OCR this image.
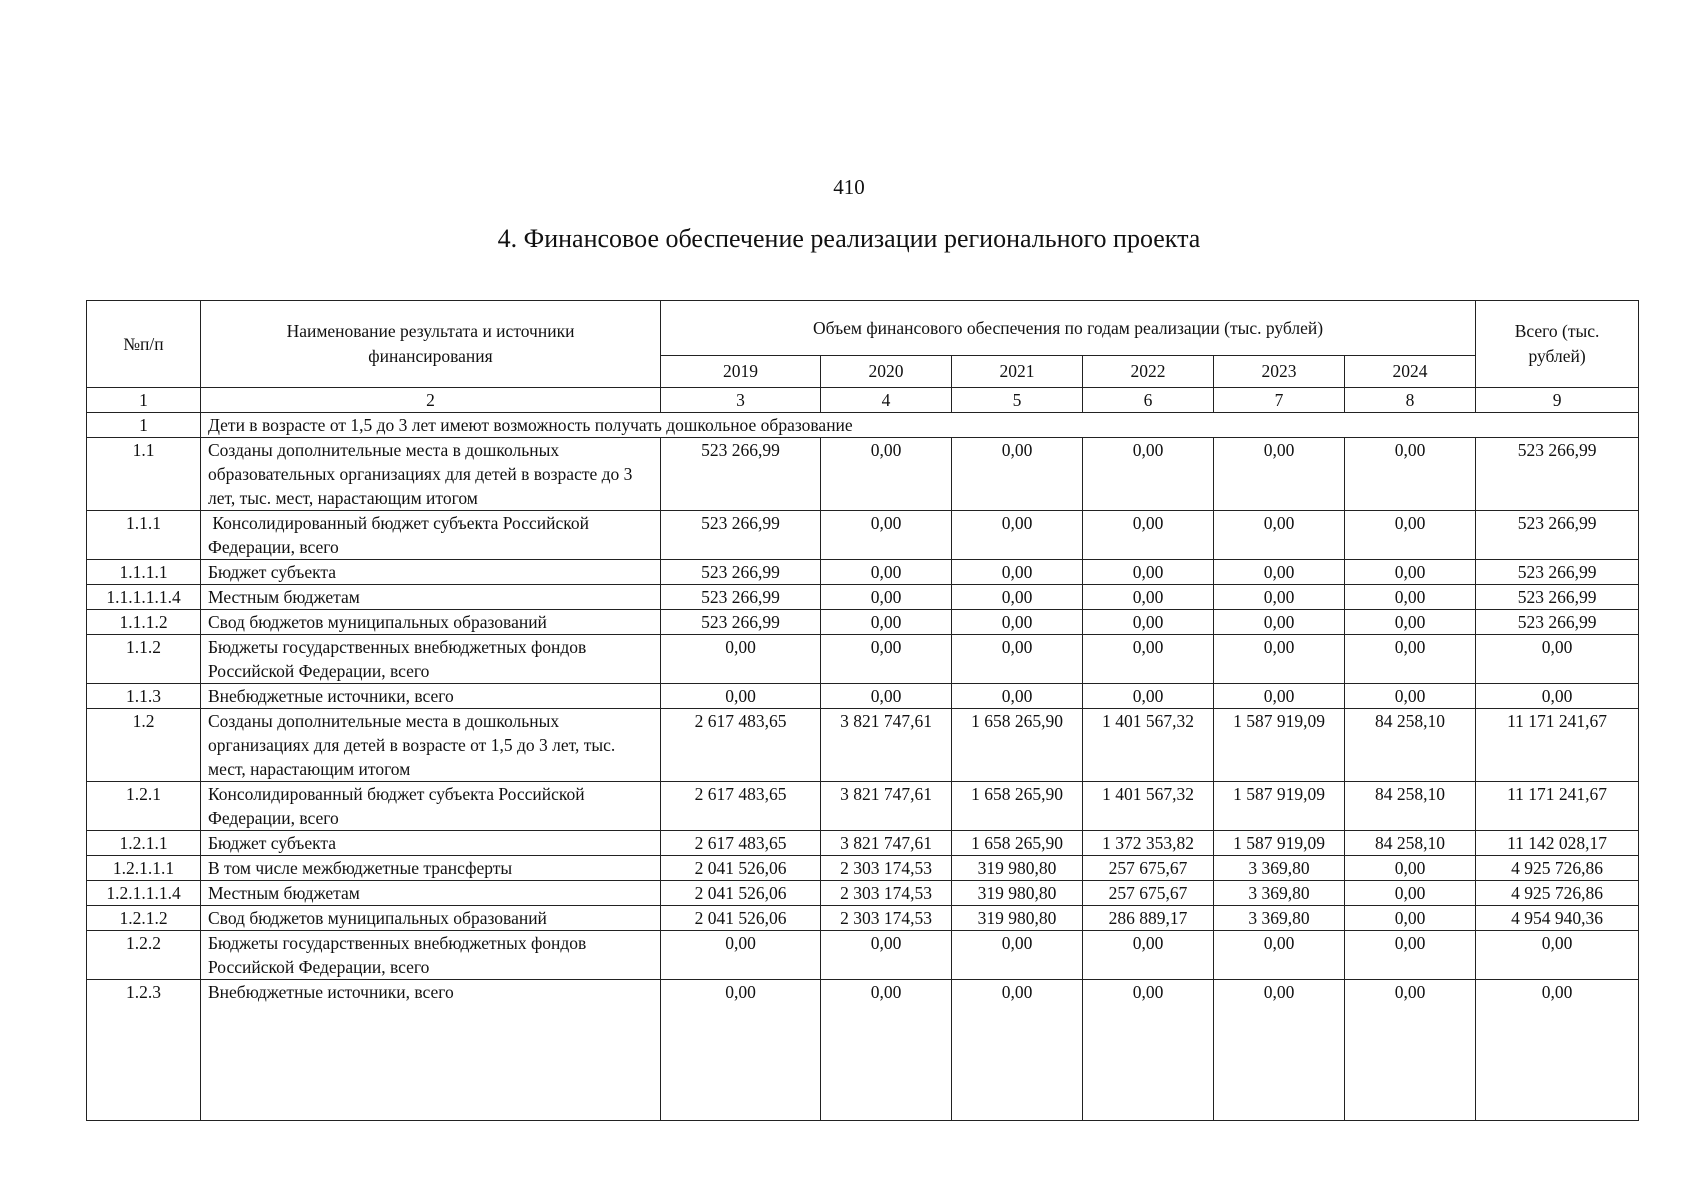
410
4. Финансовое обеспечение реализации регионального проекта
№п/п	Наименование результата и источники финансирования	Объем финансового обеспечения по годам реализации (тыс. рублей)						Всего (тыс. рублей)
		2019	2020	2021	2022	2023	2024	
1	2	3	4	5	6	7	8	9
1	Дети в возрасте от 1,5 до 3 лет имеют возможность получать дошкольное образование							
1.1	Созданы дополнительные места в дошкольных образовательных организациях для детей в возрасте до 3 лет, тыс. мест, нарастающим итогом	523 266,99	0,00	0,00	0,00	0,00	0,00	523 266,99
1.1.1	Консолидированный бюджет субъекта Российской Федерации, всего	523 266,99	0,00	0,00	0,00	0,00	0,00	523 266,99
1.1.1.1	Бюджет субъекта	523 266,99	0,00	0,00	0,00	0,00	0,00	523 266,99
1.1.1.1.1.4	Местным бюджетам	523 266,99	0,00	0,00	0,00	0,00	0,00	523 266,99
1.1.1.2	Свод бюджетов муниципальных образований	523 266,99	0,00	0,00	0,00	0,00	0,00	523 266,99
1.1.2	Бюджеты государственных внебюджетных фондов Российской Федерации, всего	0,00	0,00	0,00	0,00	0,00	0,00	0,00
1.1.3	Внебюджетные источники, всего	0,00	0,00	0,00	0,00	0,00	0,00	0,00
1.2	Созданы дополнительные места в дошкольных организациях для детей в возрасте от 1,5 до 3 лет, тыс. мест, нарастающим итогом	2 617 483,65	3 821 747,61	1 658 265,90	1 401 567,32	1 587 919,09	84 258,10	11 171 241,67
1.2.1	Консолидированный бюджет субъекта Российской Федерации, всего	2 617 483,65	3 821 747,61	1 658 265,90	1 401 567,32	1 587 919,09	84 258,10	11 171 241,67
1.2.1.1	Бюджет субъекта	2 617 483,65	3 821 747,61	1 658 265,90	1 372 353,82	1 587 919,09	84 258,10	11 142 028,17
1.2.1.1.1	В том числе межбюджетные трансферты	2 041 526,06	2 303 174,53	319 980,80	257 675,67	3 369,80	0,00	4 925 726,86
1.2.1.1.1.4	Местным бюджетам	2 041 526,06	2 303 174,53	319 980,80	257 675,67	3 369,80	0,00	4 925 726,86
1.2.1.2	Свод бюджетов муниципальных образований	2 041 526,06	2 303 174,53	319 980,80	286 889,17	3 369,80	0,00	4 954 940,36
1.2.2	Бюджеты государственных внебюджетных фондов Российской Федерации, всего	0,00	0,00	0,00	0,00	0,00	0,00	0,00
1.2.3	Внебюджетные источники, всего	0,00	0,00	0,00	0,00	0,00	0,00	0,00
